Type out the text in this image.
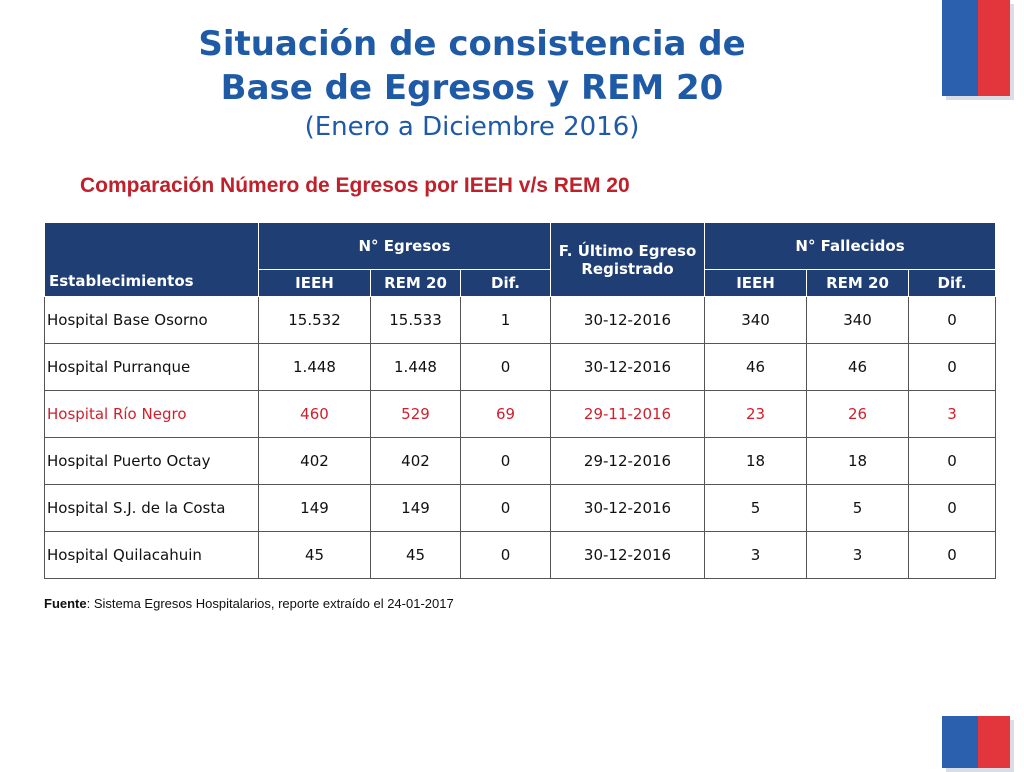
Situación de consistencia de
Base de Egresos y REM 20
(Enero a Diciembre 2016)
Comparación Número de Egresos por IEEH v/s REM 20
Establecimientos	N° Egresos			F. Último Egreso Registrado	N° Fallecidos		
	IEEH	REM 20	Dif.		IEEH	REM 20	Dif.
Hospital Base Osorno	15.532	15.533	1	30-12-2016	340	340	0
Hospital Purranque	1.448	1.448	0	30-12-2016	46	46	0
Hospital Río Negro	460	529	69	29-11-2016	23	26	3
Hospital Puerto Octay	402	402	0	29-12-2016	18	18	0
Hospital S.J. de la Costa	149	149	0	30-12-2016	5	5	0
Hospital Quilacahuin	45	45	0	30-12-2016	3	3	0
Fuente: Sistema Egresos Hospitalarios, reporte extraído el 24-01-2017
